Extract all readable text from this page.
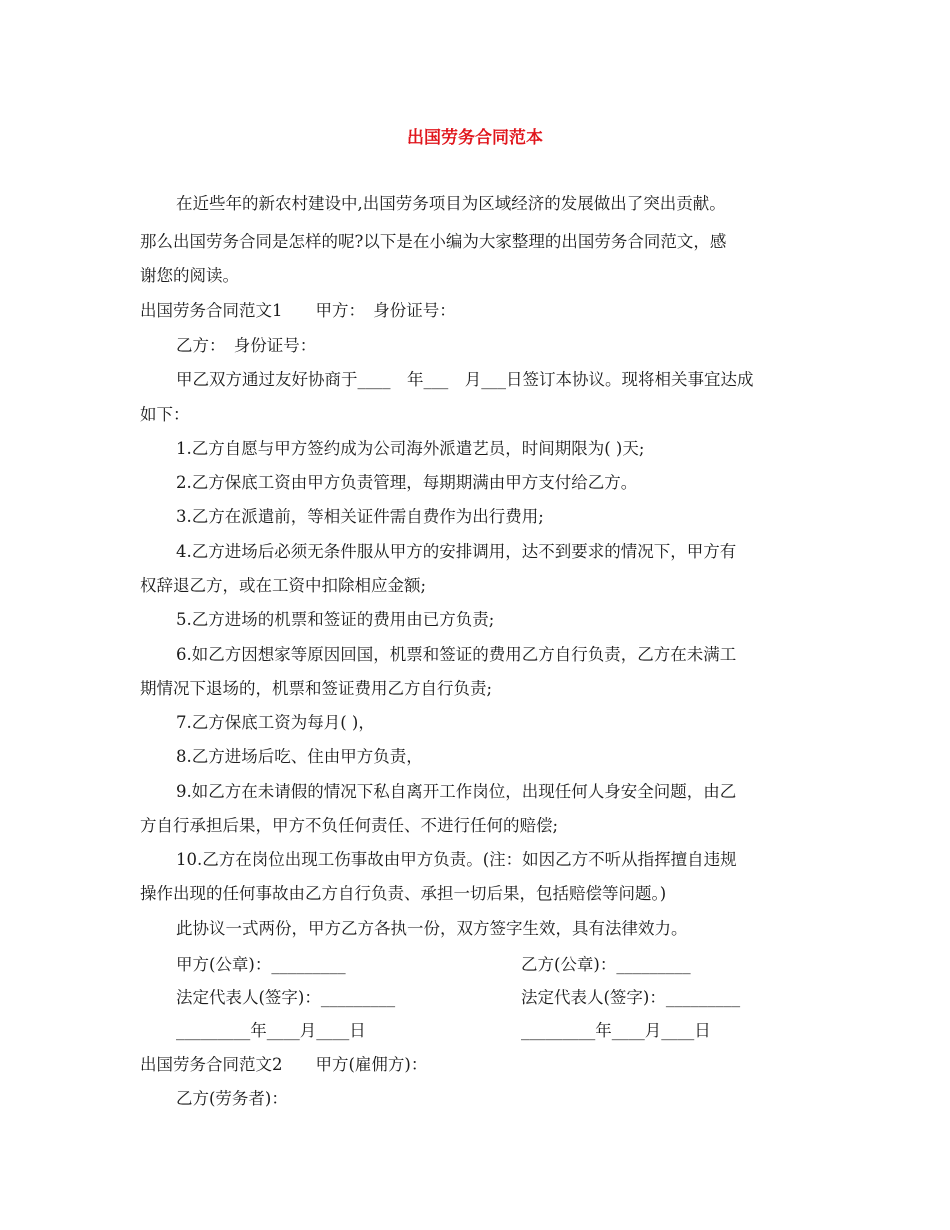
出国劳务合同范本
在近些年的新农村建设中,出国劳务项目为区域经济的发展做出了突出贡献。
那么出国劳务合同是怎样的呢?以下是在小编为大家整理的出国劳务合同范文，感
谢您的阅读。
出国劳务合同范文1　　甲方：　身份证号：
乙方：　身份证号：
甲乙双方通过友好协商于____　年___　月___日签订本协议。现将相关事宜达成
如下：
1.乙方自愿与甲方签约成为公司海外派遣艺员，时间期限为( )天;
2.乙方保底工资由甲方负责管理，每期期满由甲方支付给乙方。
3.乙方在派遣前，等相关证件需自费作为出行费用;
4.乙方进场后必须无条件服从甲方的安排调用，达不到要求的情况下，甲方有
权辞退乙方，或在工资中扣除相应金额;
5.乙方进场的机票和签证的费用由已方负责;
6.如乙方因想家等原因回国，机票和签证的费用乙方自行负责，乙方在未满工
期情况下退场的，机票和签证费用乙方自行负责;
7.乙方保底工资为每月( )，
8.乙方进场后吃、住由甲方负责，
9.如乙方在未请假的情况下私自离开工作岗位，出现任何人身安全问题，由乙
方自行承担后果，甲方不负任何责任、不进行任何的赔偿;
10.乙方在岗位出现工伤事故由甲方负责。(注：如因乙方不听从指挥擅自违规
操作出现的任何事故由乙方自行负责、承担一切后果，包括赔偿等问题。)
此协议一式两份，甲方乙方各执一份，双方签字生效，具有法律效力。
甲方(公章)：_________	乙方(公章)：_________
法定代表人(签字)：_________	法定代表人(签字)：_________
_________年____月____日	_________年____月____日
出国劳务合同范文2　　甲方(雇佣方)：
乙方(劳务者)：
